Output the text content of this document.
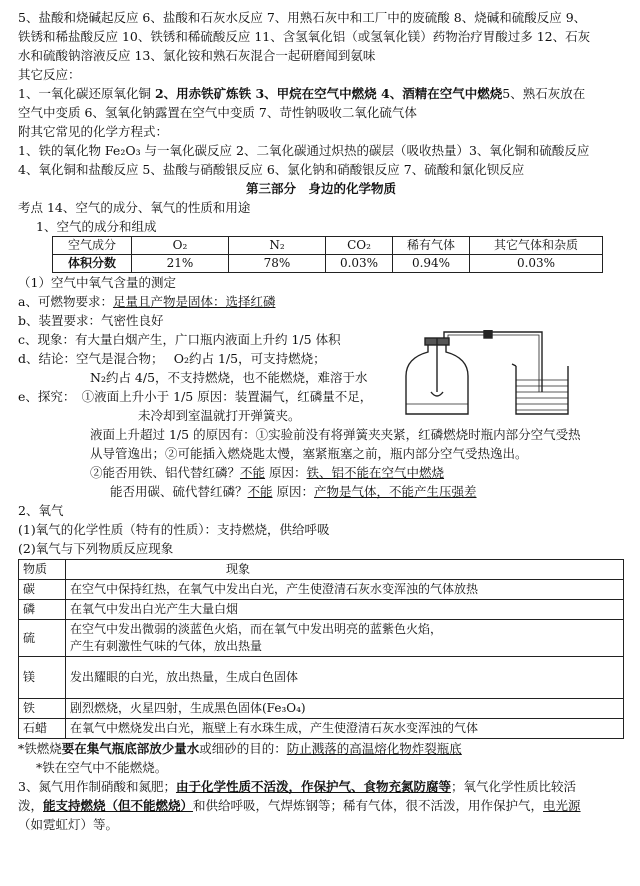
5、盐酸和烧碱起反应 6、盐酸和石灰水反应 7、用熟石灰中和工厂中的废硫酸 8、烧碱和硫酸反应 9、
铁锈和稀盐酸反应 10、铁锈和稀硫酸反应 11、含氢氧化铝（或氢氧化镁）药物治疗胃酸过多 12、石灰
水和硫酸钠溶液反应 13、氯化铵和熟石灰混合一起研磨闻到氨味
其它反应：
1、一氧化碳还原氧化铜 2、用赤铁矿炼铁 3、甲烷在空气中燃烧 4、酒精在空气中燃烧5、熟石灰放在
空气中变质 6、氢氧化钠露置在空气中变质 7、苛性钠吸收二氧化硫气体
附其它常见的化学方程式：
1、铁的氧化物 Fe₂O₃ 与一氧化碳反应 2、二氧化碳通过炽热的碳层（吸收热量）3、氧化铜和硫酸反应
4、氧化铜和盐酸反应 5、盐酸与硝酸银反应 6、氯化钠和硝酸银反应 7、硫酸和氯化钡反应
第三部分　身边的化学物质
考点 14、空气的成分、氧气的性质和用途
1、空气的成分和组成
空气成分	O₂	N₂	CO₂	稀有气体	其它气体和杂质
体积分数	21%	78%	0.03%	0.94%	0.03%
（1）空气中氧气含量的测定
a、可燃物要求：足量且产物是固体：选择红磷
b、装置要求：气密性良好
c、现象：有大量白烟产生，广口瓶内液面上升约 1/5 体积
d、结论：空气是混合物；　 O₂约占 1/5，可支持燃烧；
N₂约占 4/5，不支持燃烧，也不能燃烧，难溶于水
e、探究：　①液面上升小于 1/5 原因：装置漏气，红磷量不足，
未冷却到室温就打开弹簧夹。
液面上升超过 1/5 的原因有：①实验前没有将弹簧夹夹紧，红磷燃烧时瓶内部分空气受热
从导管逸出；②可能插入燃烧匙太慢，塞紧瓶塞之前，瓶内部分空气受热逸出。
②能否用铁、铝代替红磷？不能 原因：铁、铝不能在空气中燃烧
能否用碳、硫代替红磷？不能 原因：产物是气体，不能产生压强差
2、氧气
(1)氧气的化学性质（特有的性质）：支持燃烧，供给呼吸
(2)氧气与下列物质反应现象
物质	现象
碳	在空气中保持红热，在氧气中发出白光，产生使澄清石灰水变浑浊的气体放热
磷	在氧气中发出白光产生大量白烟
硫	在空气中发出微弱的淡蓝色火焰，而在氧气中发出明亮的蓝紫色火焰，
产生有刺激性气味的气体，放出热量

镁	发出耀眼的白光，放出热量，生成白色固体
铁	剧烈燃烧，火星四射，生成黑色固体(Fe₃O₄)
石蜡	在氧气中燃烧发出白光，瓶壁上有水珠生成，产生使澄清石灰水变浑浊的气体
*铁燃烧要在集气瓶底部放少量水或细砂的目的：防止溅落的高温熔化物炸裂瓶底
*铁在空气中不能燃烧。
3、氮气用作制硝酸和氮肥；由于化学性质不活泼，作保护气、食物充氮防腐等；氧气化学性质比较活
泼，能支持燃烧（但不能燃烧）和供给呼吸，气焊炼钢等；稀有气体，很不活泼，用作保护气，电光源
（如霓虹灯）等。
